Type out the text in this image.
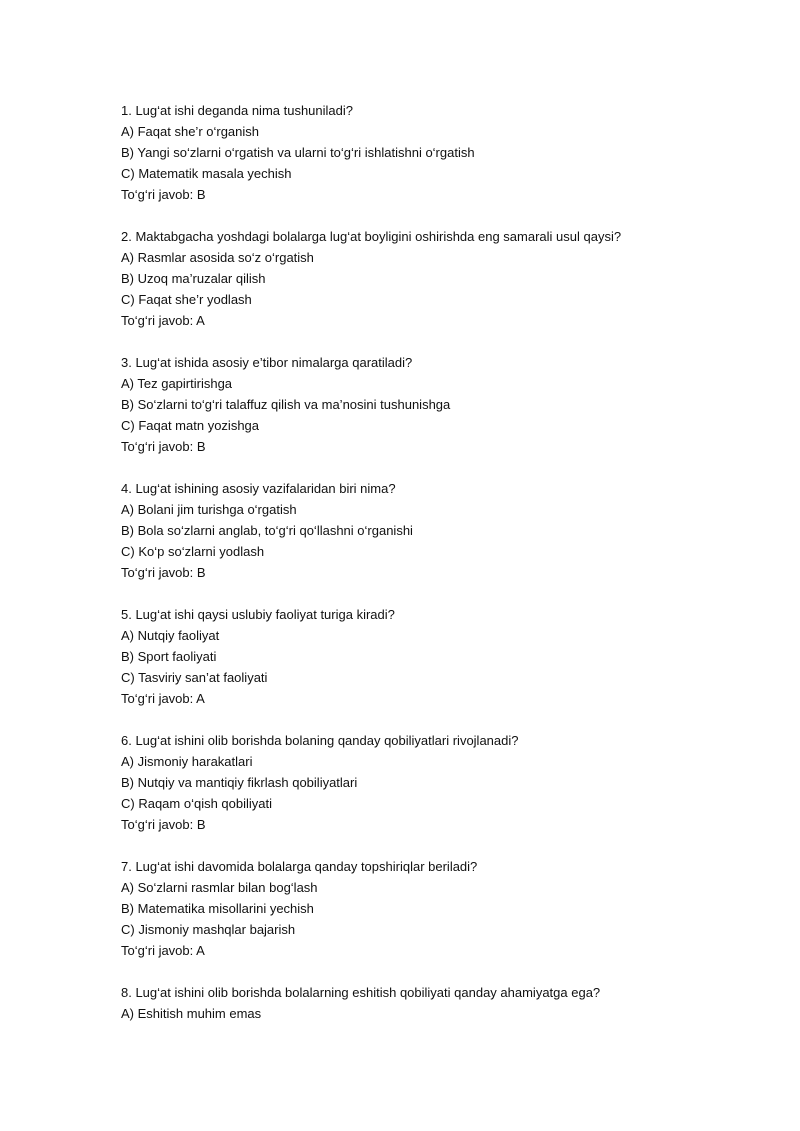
1. Lug‘at ishi deganda nima tushuniladi?
A) Faqat she’r o‘rganish
B) Yangi so‘zlarni o‘rgatish va ularni to‘g‘ri ishlatishni o‘rgatish
C) Matematik masala yechish
To‘g‘ri javob: B
2. Maktabgacha yoshdagi bolalarga lug‘at boyligini oshirishda eng samarali usul qaysi?
A) Rasmlar asosida so‘z o‘rgatish
B) Uzoq ma’ruzalar qilish
C) Faqat she’r yodlash
To‘g‘ri javob: A
3. Lug‘at ishida asosiy e’tibor nimalarga qaratiladi?
A) Tez gapirtirishga
B) So‘zlarni to‘g‘ri talaffuz qilish va ma’nosini tushunishga
C) Faqat matn yozishga
To‘g‘ri javob: B
4. Lug‘at ishining asosiy vazifalaridan biri nima?
A) Bolani jim turishga o‘rgatish
B) Bola so‘zlarni anglab, to‘g‘ri qo‘llashni o‘rganishi
C) Ko‘p so‘zlarni yodlash
To‘g‘ri javob: B
5. Lug‘at ishi qaysi uslubiy faoliyat turiga kiradi?
A) Nutqiy faoliyat
B) Sport faoliyati
C) Tasviriy san’at faoliyati
To‘g‘ri javob: A
6. Lug‘at ishini olib borishda bolaning qanday qobiliyatlari rivojlanadi?
A) Jismoniy harakatlari
B) Nutqiy va mantiqiy fikrlash qobiliyatlari
C) Raqam o‘qish qobiliyati
To‘g‘ri javob: B
7. Lug‘at ishi davomida bolalarga qanday topshiriqlar beriladi?
A) So‘zlarni rasmlar bilan bog‘lash
B) Matematika misollarini yechish
C) Jismoniy mashqlar bajarish
To‘g‘ri javob: A
8. Lug‘at ishini olib borishda bolalarning eshitish qobiliyati qanday ahamiyatga ega?
A) Eshitish muhim emas
